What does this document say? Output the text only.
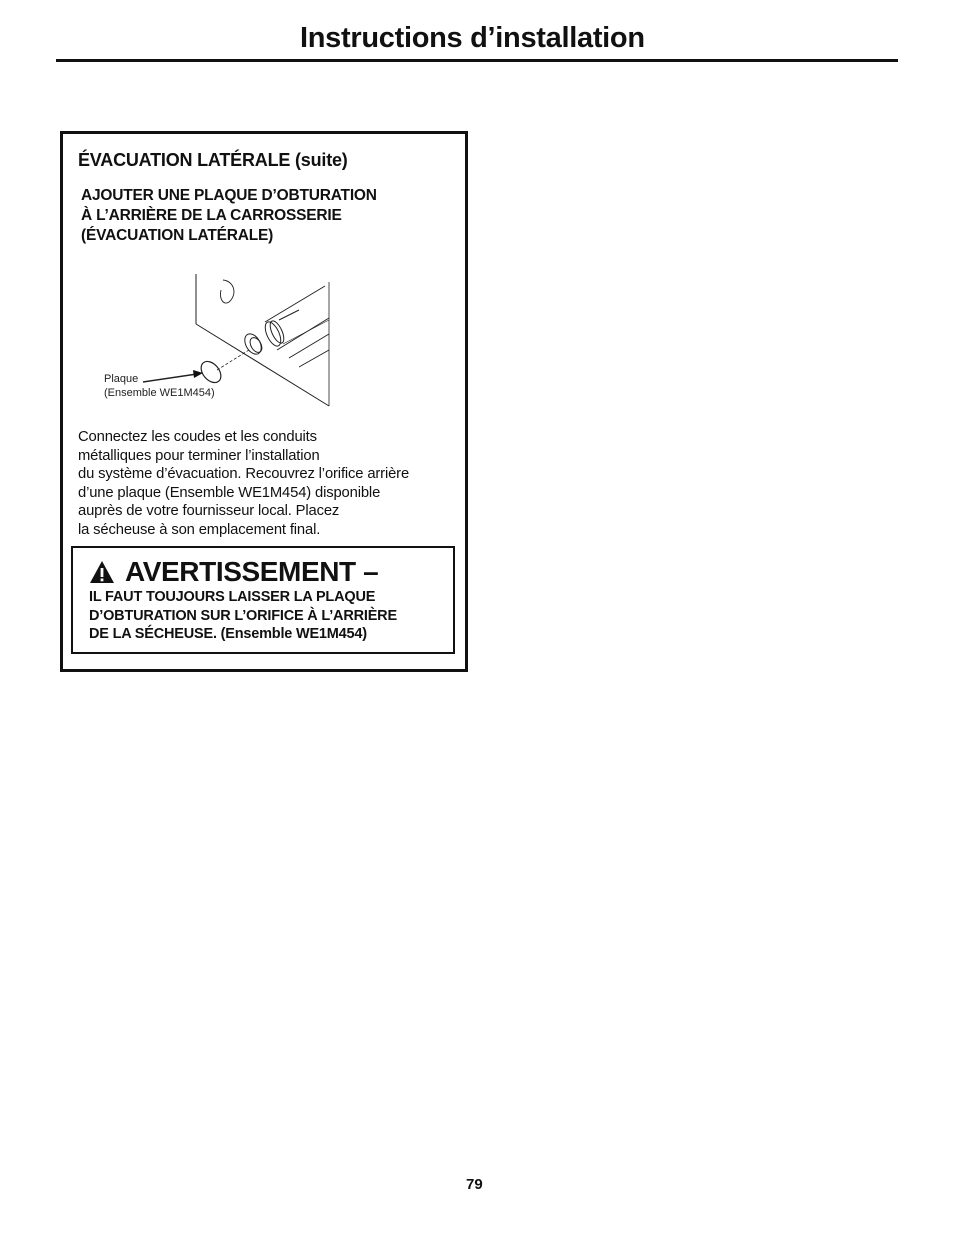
Instructions d’installation
ÉVACUATION LATÉRALE (suite)

AJOUTER UNE PLAQUE D’OBTURATION
À L’ARRIÈRE DE LA CARROSSERIE
(ÉVACUATION LATÉRALE)

Plaque
(Ensemble WE1M454)

Connectez les coudes et les conduits
métalliques pour terminer l’installation
du système d’évacuation. Recouvrez l’orifice arrière
d’une plaque (Ensemble WE1M454) disponible
auprès de votre fournisseur local. Placez
la sécheuse à son emplacement final.

AVERTISSEMENT –

IL FAUT TOUJOURS LAISSER LA PLAQUE
D’OBTURATION SUR L’ORIFICE À L’ARRIÈRE
DE LA SÉCHEUSE. (Ensemble WE1M454)

79
